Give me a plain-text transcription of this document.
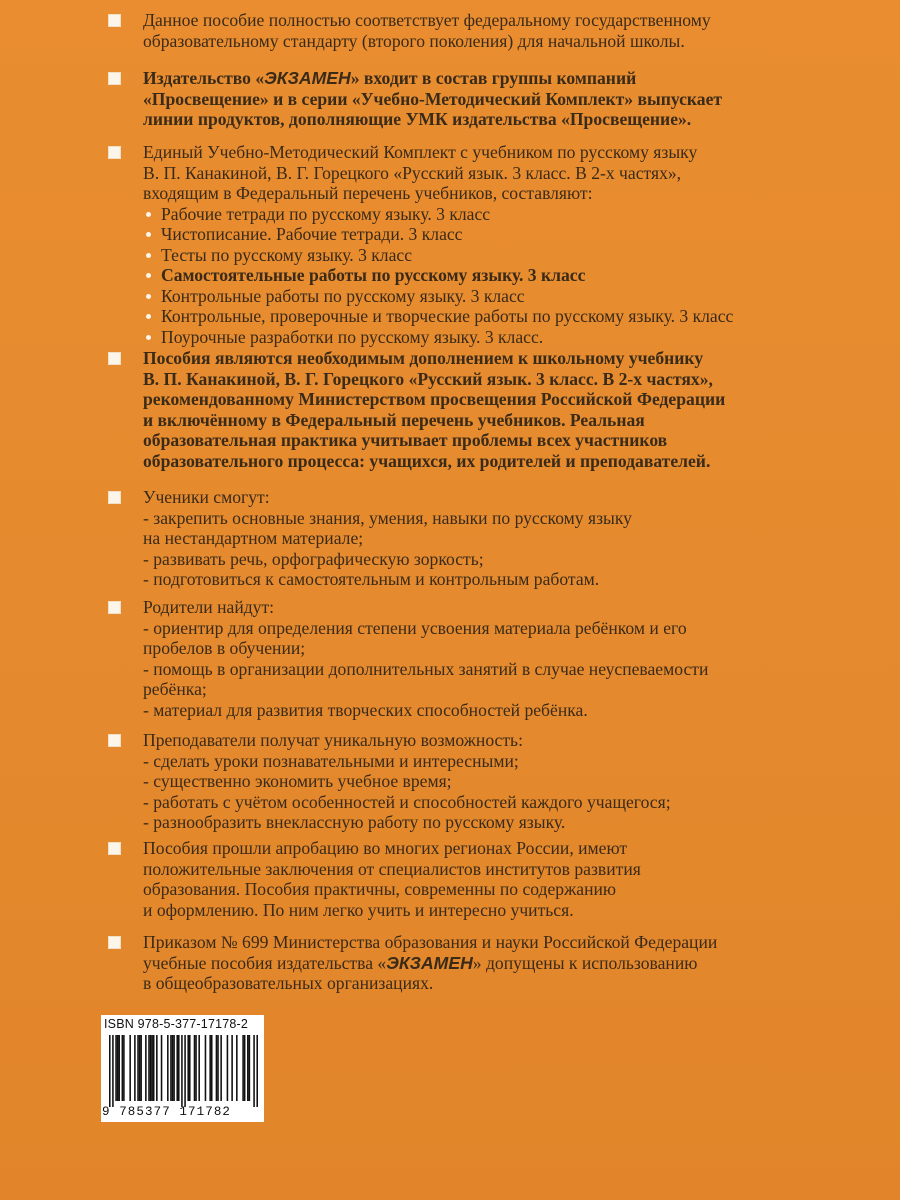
Данное пособие полностью соответствует федеральному государственному
образовательному стандарту (второго поколения) для начальной школы.
Издательство «ЭКЗАМЕН» входит в состав группы компаний
«Просвещение» и в серии «Учебно-Методический Комплект» выпускает
линии продуктов, дополняющие УМК издательства «Просвещение».
Единый Учебно-Методический Комплект с учебником по русскому языку
В. П. Канакиной, В. Г. Горецкого «Русский язык. 3 класс. В 2-х частях»,
входящим в Федеральный перечень учебников, составляют:
Рабочие тетради по русскому языку. 3 класс
Чистописание. Рабочие тетради. 3 класс
Тесты по русскому языку. 3 класс
Самостоятельные работы по русскому языку. 3 класс
Контрольные работы по русскому языку. 3 класс
Контрольные, проверочные и творческие работы по русскому языку. 3 класс
Поурочные разработки по русскому языку. 3 класс.
Пособия являются необходимым дополнением к школьному учебнику
В. П. Канакиной, В. Г. Горецкого «Русский язык. 3 класс. В 2-х частях»,
рекомендованному Министерством просвещения Российской Федерации
и включённому в Федеральный перечень учебников. Реальная
образовательная практика учитывает проблемы всех участников
образовательного процесса: учащихся, их родителей и преподавателей.
Ученики смогут:
- закрепить основные знания, умения, навыки по русскому языку
на нестандартном материале;
- развивать речь, орфографическую зоркость;
- подготовиться к самостоятельным и контрольным работам.
Родители найдут:
- ориентир для определения степени усвоения материала ребёнком и его
пробелов в обучении;
- помощь в организации дополнительных занятий в случае неуспеваемости
ребёнка;
- материал для развития творческих способностей ребёнка.
Преподаватели получат уникальную возможность:
- сделать уроки познавательными и интересными;
- существенно экономить учебное время;
- работать с учётом особенностей и способностей каждого учащегося;
- разнообразить внеклассную работу по русскому языку.
Пособия прошли апробацию во многих регионах России, имеют
положительные заключения от специалистов институтов развития
образования. Пособия практичны, современны по содержанию
и оформлению. По ним легко учить и интересно учиться.
Приказом № 699 Министерства образования и науки Российской Федерации
учебные пособия издательства «ЭКЗАМЕН» допущены к использованию
в общеобразовательных организациях.
ISBN 978-5-377-17178-2
9 785377 171782
